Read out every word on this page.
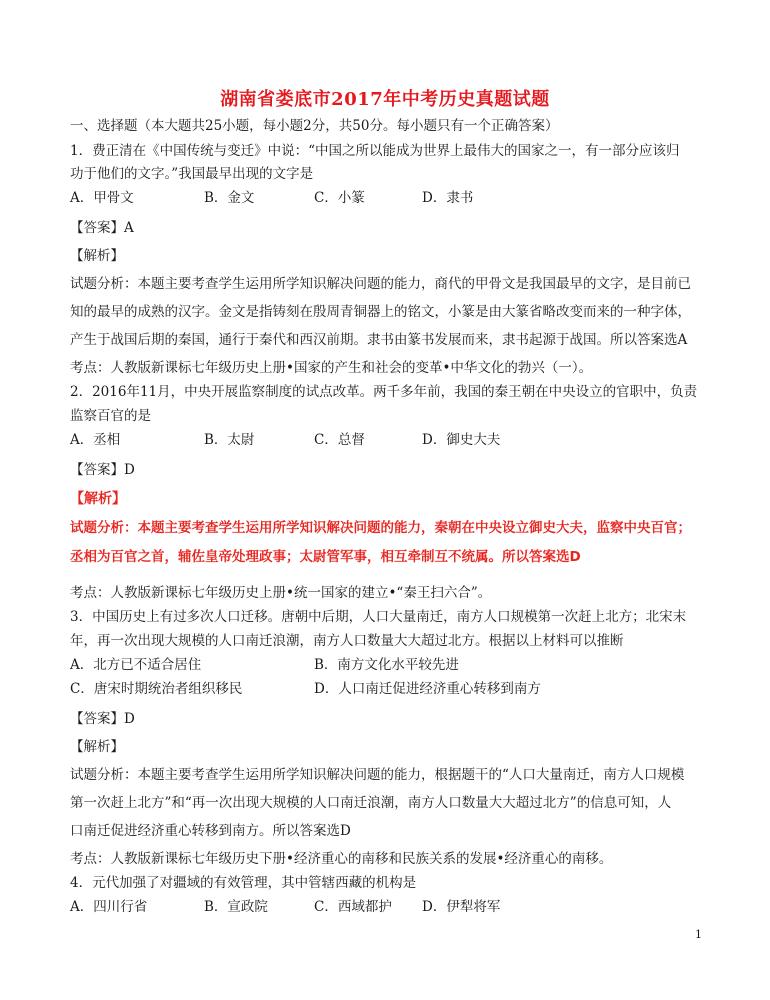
湖南省娄底市2017年中考历史真题试题
一、选择题（本大题共25小题，每小题2分，共50分。每小题只有一个正确答案）
1．费正清在《中国传统与变迁》中说：“中国之所以能成为世界上最伟大的国家之一，有一部分应该归
功于他们的文字。”我国最早出现的文字是
A．甲骨文	B．金文	C．小篆	D．隶书
【答案】A
【解析】
试题分析：本题主要考查学生运用所学知识解决问题的能力，商代的甲骨文是我国最早的文字，是目前已
知的最早的成熟的汉字。金文是指铸刻在殷周青铜器上的铭文，小篆是由大篆省略改变而来的一种字体，
产生于战国后期的秦国，通行于秦代和西汉前期。隶书由篆书发展而来，隶书起源于战国。所以答案选A
考点：人教版新课标七年级历史上册•国家的产生和社会的变革•中华文化的勃兴（一）。
2．2016年11月，中央开展监察制度的试点改革。两千多年前，我国的秦王朝在中央设立的官职中，负责
监察百官的是
A．丞相	B．太尉	C．总督	D．御史大夫
【答案】D
【解析】
试题分析：本题主要考查学生运用所学知识解决问题的能力，秦朝在中央设立御史大夫，监察中央百官；
丞相为百官之首，辅佐皇帝处理政事；太尉管军事，相互牵制互不统属。所以答案选D
考点：人教版新课标七年级历史上册•统一国家的建立•“秦王扫六合”。
3．中国历史上有过多次人口迁移。唐朝中后期，人口大量南迁，南方人口规模第一次赶上北方；北宋末
年，再一次出现大规模的人口南迁浪潮，南方人口数量大大超过北方。根据以上材料可以推断
A．北方已不适合居住	B．南方文化水平较先进
C．唐宋时期统治者组织移民	D．人口南迁促进经济重心转移到南方
【答案】D
【解析】
试题分析：本题主要考查学生运用所学知识解决问题的能力，根据题干的“人口大量南迁，南方人口规模
第一次赶上北方”和“再一次出现大规模的人口南迁浪潮，南方人口数量大大超过北方”的信息可知，人
口南迁促进经济重心转移到南方。所以答案选D
考点：人教版新课标七年级历史下册•经济重心的南移和民族关系的发展•经济重心的南移。
4．元代加强了对疆域的有效管理，其中管辖西藏的机构是
A．四川行省	B．宣政院	C．西域都护 D．伊犁将军
1
